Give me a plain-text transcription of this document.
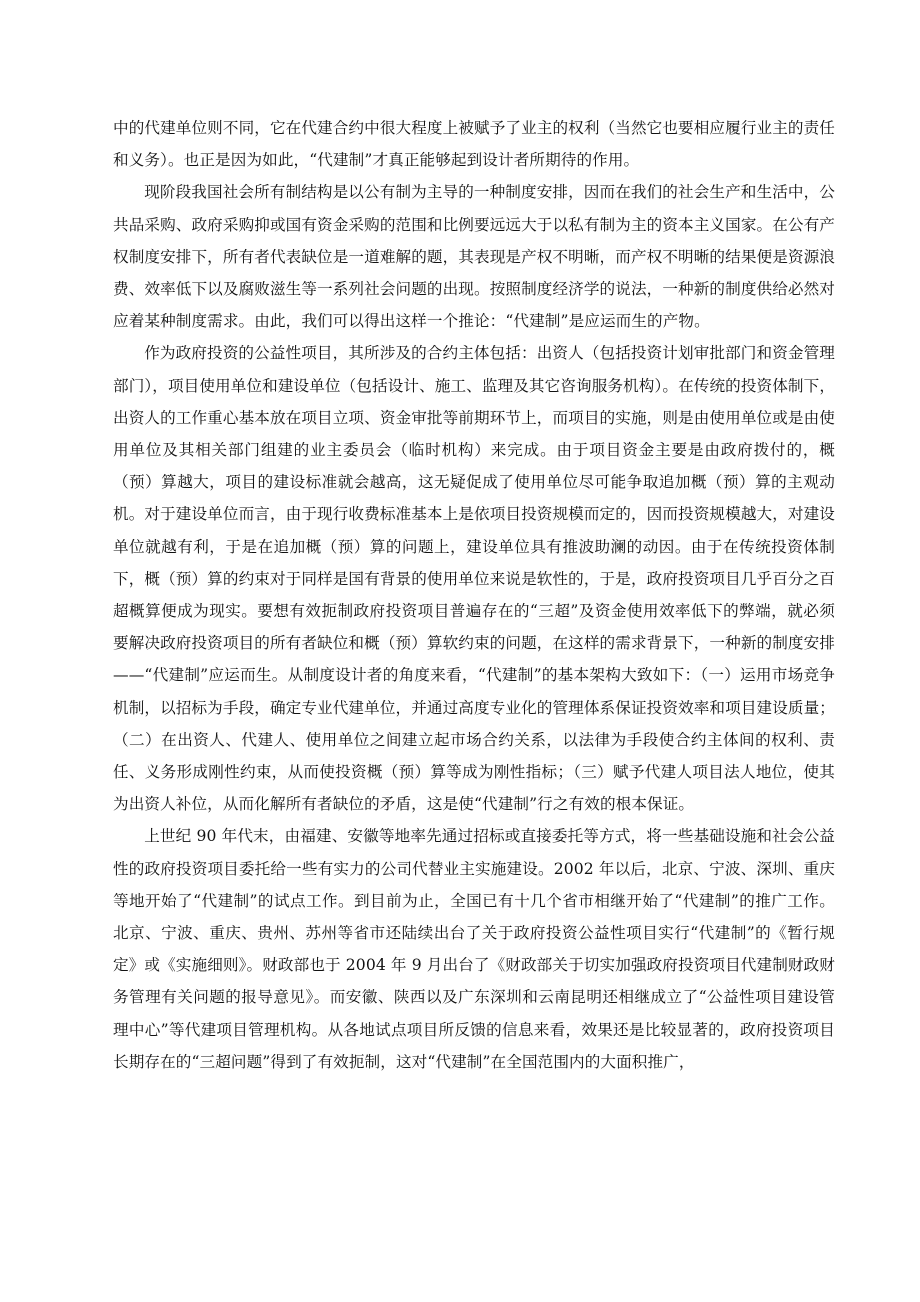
中的代建单位则不同，它在代建合约中很大程度上被赋予了业主的权利（当然它也要相应履行业主的责任和义务）。也正是因为如此，“代建制”才真正能够起到设计者所期待的作用。

现阶段我国社会所有制结构是以公有制为主导的一种制度安排，因而在我们的社会生产和生活中，公共品采购、政府采购抑或国有资金采购的范围和比例要远远大于以私有制为主的资本主义国家。在公有产权制度安排下，所有者代表缺位是一道难解的题，其表现是产权不明晰，而产权不明晰的结果便是资源浪费、效率低下以及腐败滋生等一系列社会问题的出现。按照制度经济学的说法，一种新的制度供给必然对应着某种制度需求。由此，我们可以得出这样一个推论：“代建制”是应运而生的产物。

作为政府投资的公益性项目，其所涉及的合约主体包括：出资人（包括投资计划审批部门和资金管理部门），项目使用单位和建设单位（包括设计、施工、监理及其它咨询服务机构）。在传统的投资体制下，出资人的工作重心基本放在项目立项、资金审批等前期环节上，而项目的实施，则是由使用单位或是由使用单位及其相关部门组建的业主委员会（临时机构）来完成。由于项目资金主要是由政府拨付的，概（预）算越大，项目的建设标准就会越高，这无疑促成了使用单位尽可能争取追加概（预）算的主观动机。对于建设单位而言，由于现行收费标准基本上是依项目投资规模而定的，因而投资规模越大，对建设单位就越有利，于是在追加概（预）算的问题上，建设单位具有推波助澜的动因。由于在传统投资体制下，概（预）算的约束对于同样是国有背景的使用单位来说是软性的，于是，政府投资项目几乎百分之百超概算便成为现实。要想有效扼制政府投资项目普遍存在的“三超”及资金使用效率低下的弊端，就必须要解决政府投资项目的所有者缺位和概（预）算软约束的问题，在这样的需求背景下，一种新的制度安排——“代建制”应运而生。从制度设计者的角度来看，“代建制”的基本架构大致如下：（一）运用市场竞争机制，以招标为手段，确定专业代建单位，并通过高度专业化的管理体系保证投资效率和项目建设质量；（二）在出资人、代建人、使用单位之间建立起市场合约关系，以法律为手段使合约主体间的权利、责任、义务形成刚性约束，从而使投资概（预）算等成为刚性指标；（三）赋予代建人项目法人地位，使其为出资人补位，从而化解所有者缺位的矛盾，这是使“代建制”行之有效的根本保证。

上世纪 90 年代末，由福建、安徽等地率先通过招标或直接委托等方式，将一些基础设施和社会公益性的政府投资项目委托给一些有实力的公司代替业主实施建设。2002 年以后，北京、宁波、深圳、重庆等地开始了“代建制”的试点工作。到目前为止，全国已有十几个省市相继开始了“代建制”的推广工作。北京、宁波、重庆、贵州、苏州等省市还陆续出台了关于政府投资公益性项目实行“代建制”的《暂行规定》或《实施细则》。财政部也于 2004 年 9 月出台了《财政部关于切实加强政府投资项目代建制财政财务管理有关问题的报导意见》。而安徽、陕西以及广东深圳和云南昆明还相继成立了“公益性项目建设管理中心”等代建项目管理机构。从各地试点项目所反馈的信息来看，效果还是比较显著的，政府投资项目长期存在的“三超问题”得到了有效扼制，这对“代建制”在全国范围内的大面积推广，
